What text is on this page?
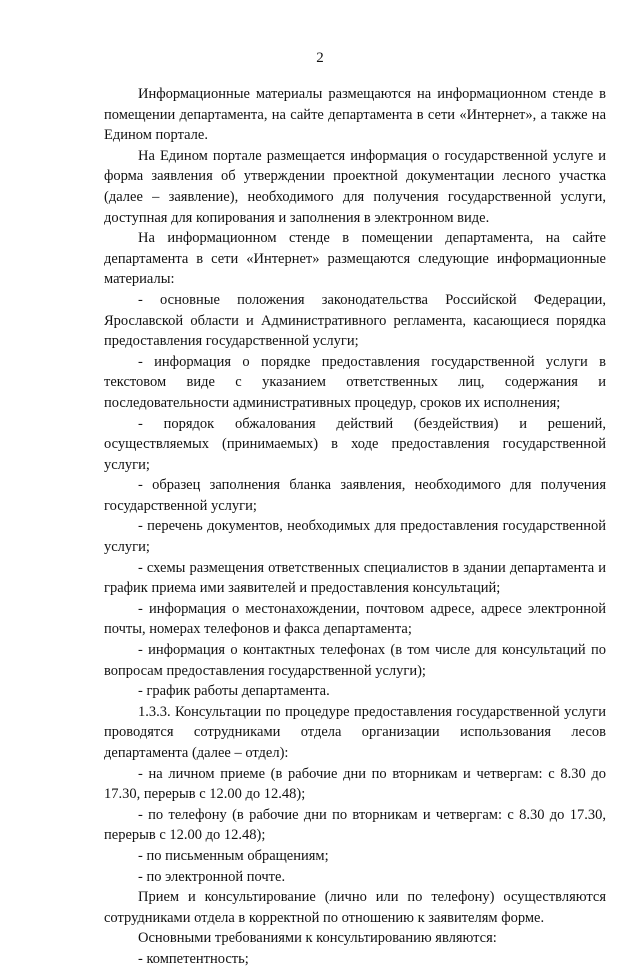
2

Информационные материалы размещаются на информационном стенде в помещении департамента, на сайте департамента в сети «Интернет», а также на Едином портале.

На Едином портале размещается информация о государственной услуге и форма заявления об утверждении проектной документации лесного участка (далее – заявление), необходимого для получения государственной услуги, доступная для копирования и заполнения в электронном виде.

На информационном стенде в помещении департамента, на сайте департамента в сети «Интернет» размещаются следующие информационные материалы:

- основные положения законодательства Российской Федерации, Ярославской области и Административного регламента, касающиеся порядка предоставления государственной услуги;

- информация о порядке предоставления государственной услуги в текстовом виде с указанием ответственных лиц, содержания и последовательности административных процедур, сроков их исполнения;

- порядок обжалования действий (бездействия) и решений, осуществляемых (принимаемых) в ходе предоставления государственной услуги;

- образец заполнения бланка заявления, необходимого для получения государственной услуги;

- перечень документов, необходимых для предоставления государственной услуги;

- схемы размещения ответственных специалистов в здании департамента и график приема ими заявителей и предоставления консультаций;

- информация о местонахождении, почтовом адресе, адресе электронной почты, номерах телефонов и факса департамента;

- информация о контактных телефонах (в том числе для консультаций по вопросам предоставления государственной услуги);

- график работы департамента.

1.3.3. Консультации по процедуре предоставления государственной услуги проводятся сотрудниками отдела организации использования лесов департамента (далее – отдел):

- на личном приеме (в рабочие дни по вторникам и четвергам: с 8.30 до 17.30, перерыв с 12.00 до 12.48);

- по телефону (в рабочие дни по вторникам и четвергам: с 8.30 до 17.30, перерыв с 12.00 до 12.48);

- по письменным обращениям;

- по электронной почте.

Прием и консультирование (лично или по телефону) осуществляются сотрудниками отдела в корректной по отношению к заявителям форме.

Основными требованиями к консультированию являются:

- компетентность;
